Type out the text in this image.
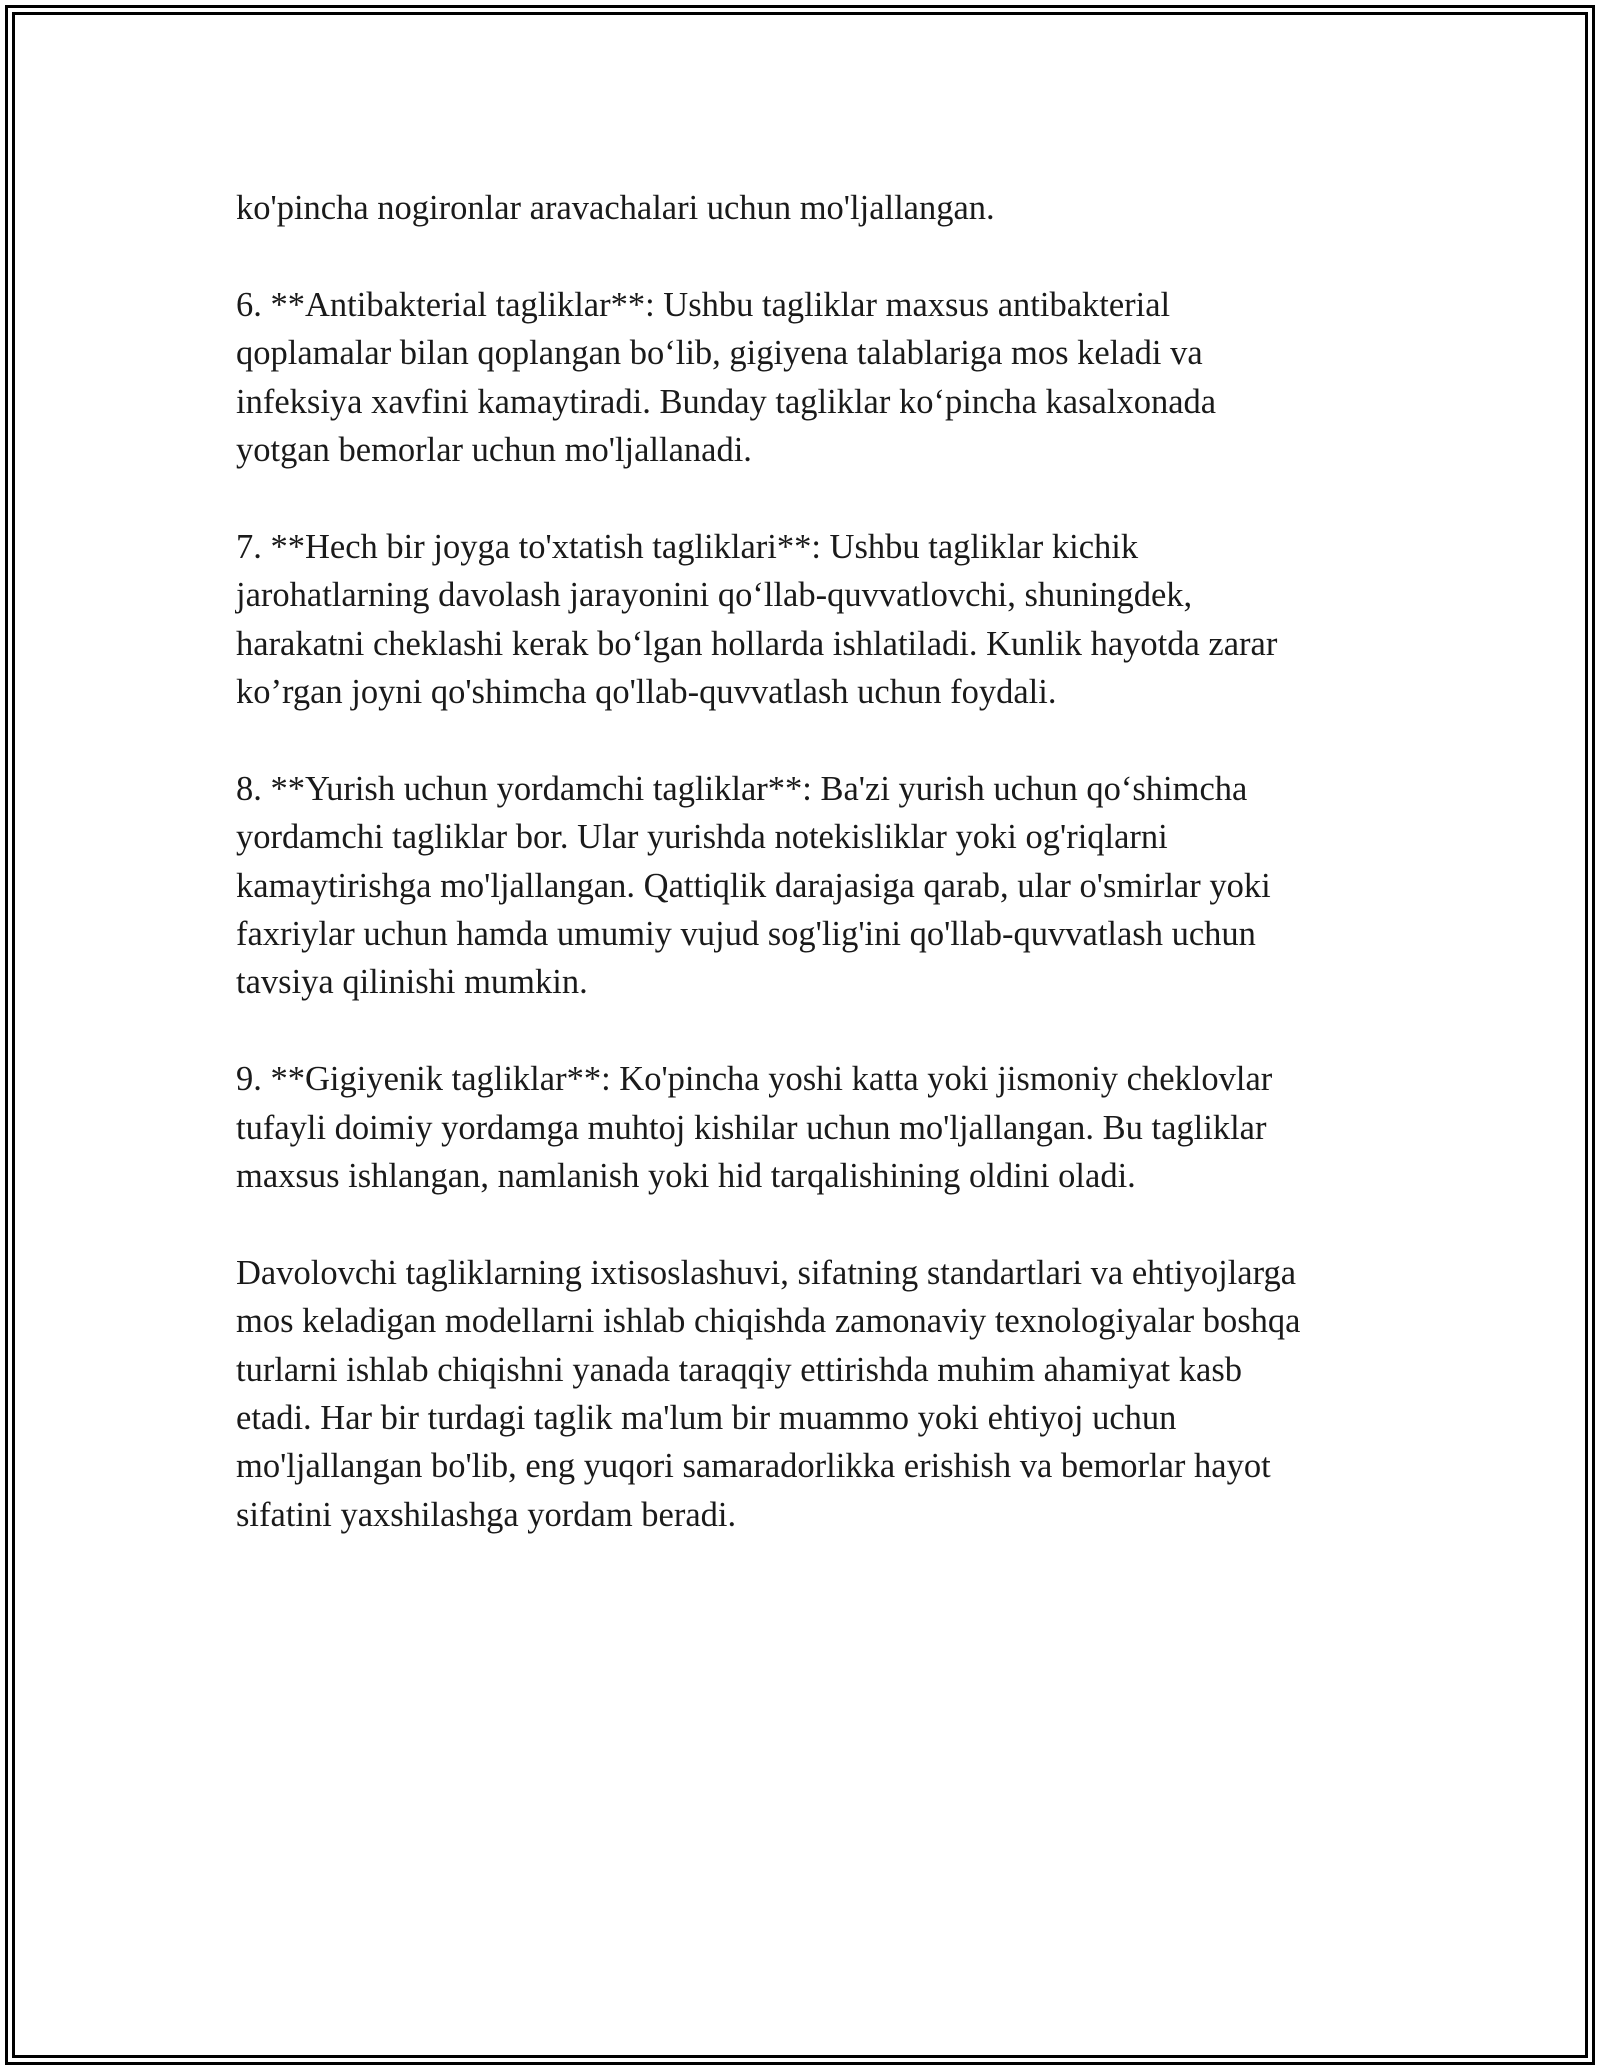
ko'pincha nogironlar aravachalari uchun mo'ljallangan.

6. **Antibakterial tagliklar**: Ushbu tagliklar maxsus antibakterial
qoplamalar bilan qoplangan bo‘lib, gigiyena talablariga mos keladi va
infeksiya xavfini kamaytiradi. Bunday tagliklar ko‘pincha kasalxonada
yotgan bemorlar uchun mo'ljallanadi.

7. **Hech bir joyga to'xtatish tagliklari**: Ushbu tagliklar kichik
jarohatlarning davolash jarayonini qo‘llab-quvvatlovchi, shuningdek,
harakatni cheklashi kerak bo‘lgan hollarda ishlatiladi. Kunlik hayotda zarar
ko’rgan joyni qo'shimcha qo'llab-quvvatlash uchun foydali.

8. **Yurish uchun yordamchi tagliklar**: Ba'zi yurish uchun qo‘shimcha
yordamchi tagliklar bor. Ular yurishda notekisliklar yoki og'riqlarni
kamaytirishga mo'ljallangan. Qattiqlik darajasiga qarab, ular o'smirlar yoki
faxriylar uchun hamda umumiy vujud sog'lig'ini qo'llab-quvvatlash uchun
tavsiya qilinishi mumkin.

9. **Gigiyenik tagliklar**: Ko'pincha yoshi katta yoki jismoniy cheklovlar
tufayli doimiy yordamga muhtoj kishilar uchun mo'ljallangan. Bu tagliklar
maxsus ishlangan, namlanish yoki hid tarqalishining oldini oladi.

Davolovchi tagliklarning ixtisoslashuvi, sifatning standartlari va ehtiyojlarga
mos keladigan modellarni ishlab chiqishda zamonaviy texnologiyalar boshqa
turlarni ishlab chiqishni yanada taraqqiy ettirishda muhim ahamiyat kasb
etadi. Har bir turdagi taglik ma'lum bir muammo yoki ehtiyoj uchun
mo'ljallangan bo'lib, eng yuqori samaradorlikka erishish va bemorlar hayot
sifatini yaxshilashga yordam beradi.
